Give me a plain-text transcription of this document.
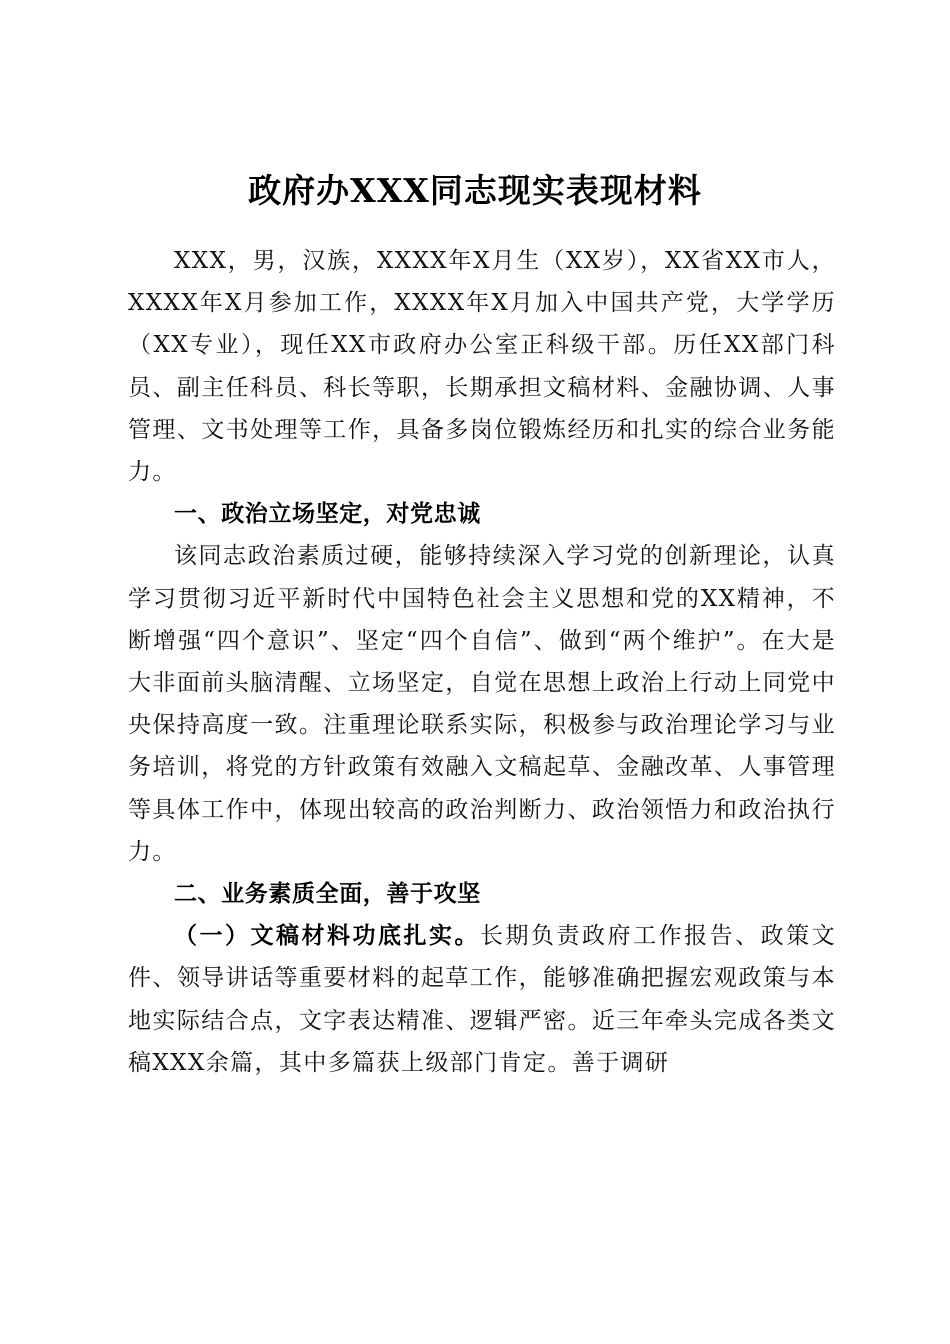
政府办XXX同志现实表现材料

XXX，男，汉族，XXXX年X月生（XX岁），XX省XX市人，XXXX年X月参加工作，XXXX年X月加入中国共产党，大学学历（XX专业），现任XX市政府办公室正科级干部。历任XX部门科员、副主任科员、科长等职，长期承担文稿材料、金融协调、人事管理、文书处理等工作，具备多岗位锻炼经历和扎实的综合业务能力。

一、政治立场坚定，对党忠诚

该同志政治素质过硬，能够持续深入学习党的创新理论，认真学习贯彻习近平新时代中国特色社会主义思想和党的XX精神，不断增强“四个意识”、坚定“四个自信”、做到“两个维护”。在大是大非面前头脑清醒、立场坚定，自觉在思想上政治上行动上同党中央保持高度一致。注重理论联系实际，积极参与政治理论学习与业务培训，将党的方针政策有效融入文稿起草、金融改革、人事管理等具体工作中，体现出较高的政治判断力、政治领悟力和政治执行力。

二、业务素质全面，善于攻坚

（一）文稿材料功底扎实。长期负责政府工作报告、政策文件、领导讲话等重要材料的起草工作，能够准确把握宏观政策与本地实际结合点，文字表达精准、逻辑严密。近三年牵头完成各类文稿XXX余篇，其中多篇获上级部门肯定。善于调研
